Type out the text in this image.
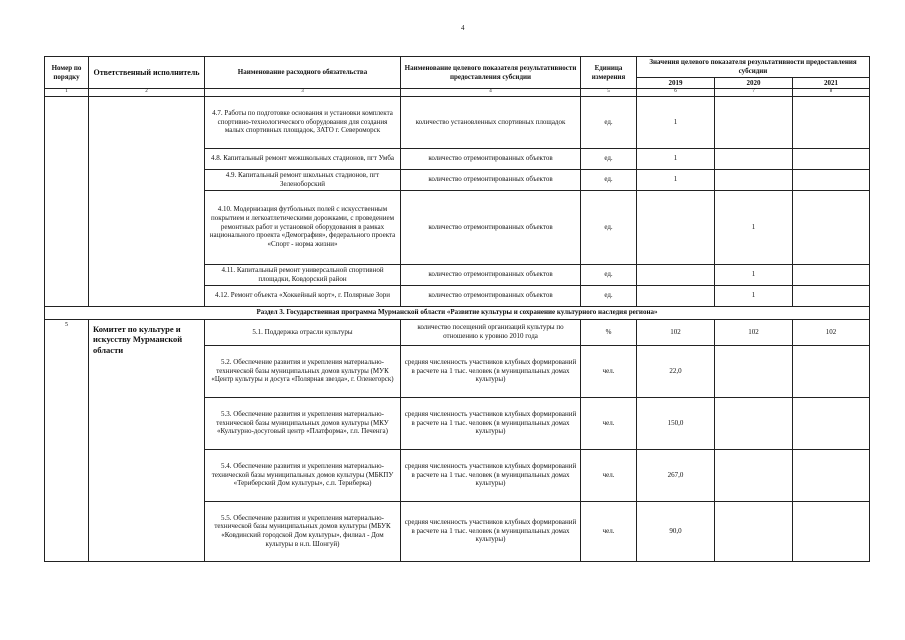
4
Номер по порядку	Ответственный исполнитель	Наименование расходного обязательства	Наименование целевого показателя результативности предоставления субсидии	Единица измерения	Значения целевого показателя результативности предоставления субсидии		
					2019	2020	2021
1	2	3	4	5	6	7	8
		4.7. Работы по подготовке основания и установки комплекта спортивно-технологического оборудования для создания малых спортивных площадок, ЗАТО г. Североморск	количество установленных спортивных площадок	ед.	1		
		4.8. Капитальный ремонт межшкольных стадионов, пгт Умба	количество отремонтированных объектов	ед.	1		
		4.9. Капитальный ремонт школьных стадионов, пгт Зеленоборский	количество отремонтированных объектов	ед.	1		
		4.10. Модернизация футбольных полей с искусственным покрытием и легкоатлетическими дорожками, с проведением ремонтных работ и установкой оборудования в рамках национального проекта «Демография», федерального проекта «Спорт - норма жизни»	количество отремонтированных объектов	ед.		1	
		4.11. Капитальный ремонт универсальной спортивной площадки, Ковдорский район	количество отремонтированных объектов	ед.		1	
		4.12. Ремонт объекта «Хоккейный корт», г. Полярные Зори	количество отремонтированных объектов	ед.		1	
Раздел 3. Государственная программа Мурманской области «Развитие культуры и сохранение культурного наследия региона»							
5	Комитет по культуре и искусству Мурманской области	5.1. Поддержка отрасли культуры	количество посещений организаций культуры по отношению к уровню 2010 года	%	102	102	102
		5.2. Обеспечение развития и укрепления материально-технической базы муниципальных домов культуры (МУК «Центр культуры и досуга «Полярная звезда», г. Оленегорск)	средняя численность участников клубных формирований в расчете на 1 тыс. человек (в муниципальных домах культуры)	чел.	22,0		
		5.3. Обеспечение развития и укрепления материально-технической базы муниципальных домов культуры (МКУ «Культурно-досуговый центр «Платформа», г.п. Печенга)	средняя численность участников клубных формирований в расчете на 1 тыс. человек (в муниципальных домах культуры)	чел.	150,0		
		5.4. Обеспечение развития и укрепления материально-технической базы муниципальных домов культуры (МБКПУ «Териберский Дом культуры», с.п. Териберка)	средняя численность участников клубных формирований в расчете на 1 тыс. человек (в муниципальных домах культуры)	чел.	267,0		
		5.5. Обеспечение развития и укрепления материально-технической базы муниципальных домов культуры (МБУК «Ковдинский городской Дом культуры», филиал - Дом культуры в н.п. Шонгуй)	средняя численность участников клубных формирований в расчете на 1 тыс. человек (в муниципальных домах культуры)	чел.	90,0		
